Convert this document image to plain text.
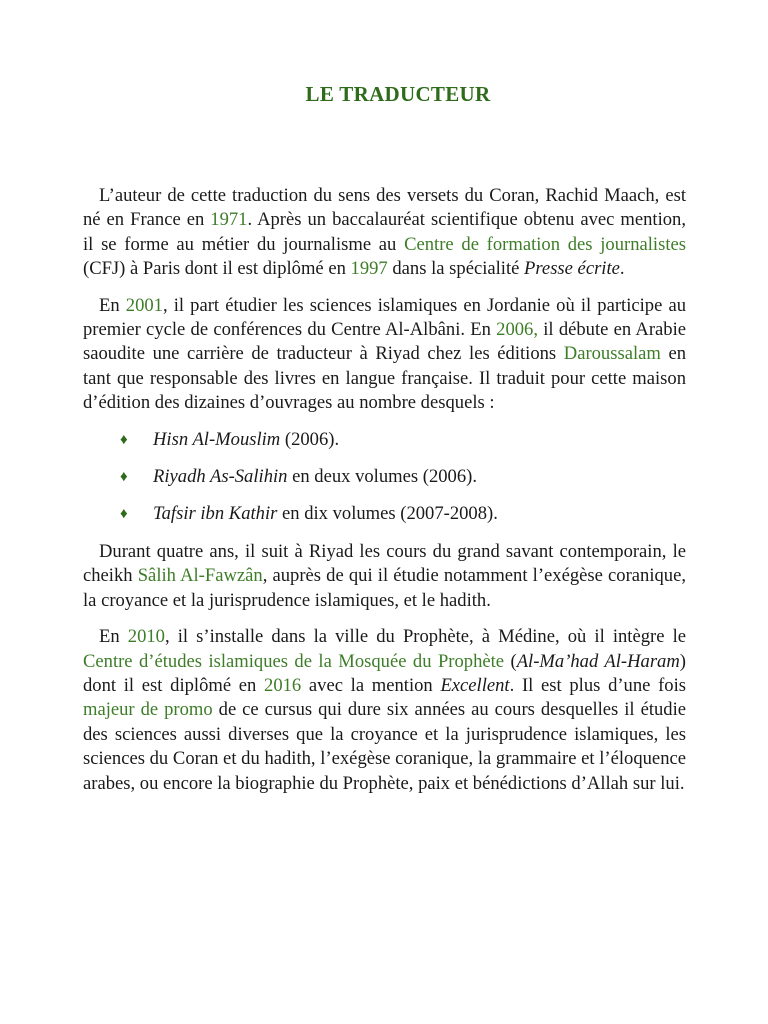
LE TRADUCTEUR

L’auteur de cette traduction du sens des versets du Coran, Rachid Maach, est né en France en 1971. Après un baccalauréat scientifique obtenu avec mention, il se forme au métier du journalisme au Centre de formation des journalistes (CFJ) à Paris dont il est diplômé en 1997 dans la spécialité Presse écrite.

En 2001, il part étudier les sciences islamiques en Jordanie où il participe au premier cycle de conférences du Centre Al-Albâni. En 2006, il débute en Arabie saoudite une carrière de traducteur à Riyad chez les éditions Daroussalam en tant que responsable des livres en langue française. Il traduit pour cette maison d’édition des dizaines d’ouvrages au nombre desquels :

♦ Hisn Al-Mouslim (2006).
♦ Riyadh As-Salihin en deux volumes (2006).
♦ Tafsir ibn Kathir en dix volumes (2007-2008).

Durant quatre ans, il suit à Riyad les cours du grand savant contemporain, le cheikh Sâlih Al-Fawzân, auprès de qui il étudie notamment l’exégèse coranique, la croyance et la jurisprudence islamiques, et le hadith.

En 2010, il s’installe dans la ville du Prophète, à Médine, où il intègre le Centre d’études islamiques de la Mosquée du Prophète (Al-Ma’had Al-Haram) dont il est diplômé en 2016 avec la mention Excellent. Il est plus d’une fois majeur de promo de ce cursus qui dure six années au cours desquelles il étudie des sciences aussi diverses que la croyance et la jurisprudence islamiques, les sciences du Coran et du hadith, l’exégèse coranique, la grammaire et l’éloquence arabes, ou encore la biographie du Prophète, paix et bénédictions d’Allah sur lui.
